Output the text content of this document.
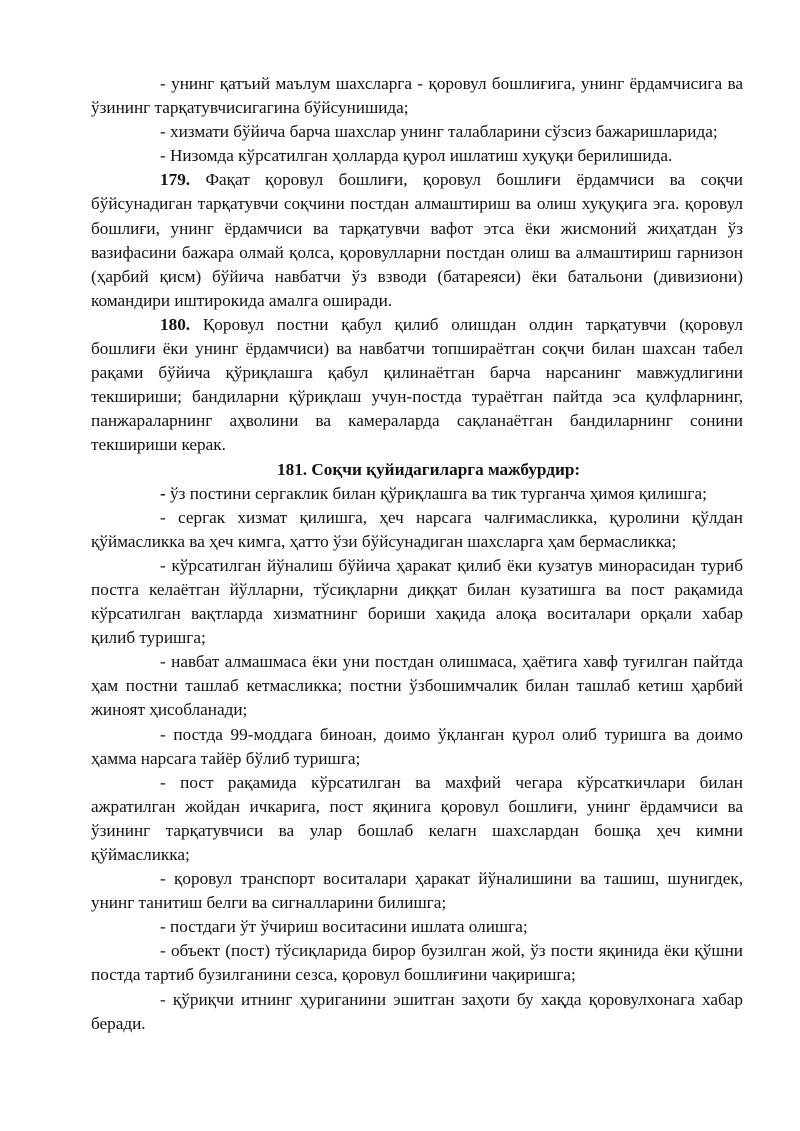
- унинг қатъий маълум шахсларга - қоровул бошлиғига, унинг ёрдамчисига ва ўзининг тарқатувчисигагина бўйсунишида;

- хизмати бўйича барча шахслар унинг талабларини сўзсиз бажаришларида;

- Низомда кўрсатилган ҳолларда қурол ишлатиш хуқуқи берилишида.

179. Фақат қоровул бошлиғи, қоровул бошлиғи ёрдамчиси ва соқчи бўйсунадиган тарқатувчи соқчини постдан алмаштириш ва олиш хуқуқига эга. қоровул бошлиғи, унинг ёрдамчиси ва тарқатувчи вафот этса ёки жисмоний жиҳатдан ўз вазифасини бажара олмай қолса, қоровулларни постдан олиш ва алмаштириш гарнизон (ҳарбий қисм) бўйича навбатчи ўз взводи (батареяси) ёки батальони (дивизиони) командири иштирокида амалга оширади.

180. Қоровул постни қабул қилиб олишдан олдин тарқатувчи (қоровул бошлиғи ёки унинг ёрдамчиси) ва навбатчи топшираётган соқчи билан шахсан табел рақами бўйича қўриқлашга қабул қилинаётган барча нарсанинг мавжудлигини текшириши; бандиларни қўриқлаш учун-постда тураётган пайтда эса қулфларнинг, панжараларнинг аҳволини ва камераларда сақланаётган бандиларнинг сонини текшириши керак.

181. Соқчи қуйидагиларга мажбурдир:

- ўз постини сергаклик билан қўриқлашга ва тик турганча ҳимоя қилишга;

- сергак хизмат қилишга, ҳеч нарсага чалғимасликка, қуролини қўлдан қўймасликка ва ҳеч кимга, ҳатто ўзи бўйсунадиган шахсларга ҳам бермасликка;

- кўрсатилган йўналиш бўйича ҳаракат қилиб ёки кузатув минорасидан туриб постга келаётган йўлларни, тўсиқларни диққат билан кузатишга ва пост рақамида кўрсатилган вақтларда хизматнинг бориши хақида алоқа воситалари орқали хабар қилиб туришга;

- навбат алмашмаса ёки уни постдан олишмаса, ҳаётига хавф туғилган пайтда ҳам постни ташлаб кетмасликка; постни ўзбошимчалик билан ташлаб кетиш ҳарбий жиноят ҳисобланади;

- постда 99-моддага биноан, доимо ўқланган қурол олиб туришга ва доимо ҳамма нарсага тайёр бўлиб туришга;

- пост рақамида кўрсатилган ва махфий чегара кўрсаткичлари билан ажратилган жойдан ичкарига, пост яқинига қоровул бошлиғи, унинг ёрдамчиси ва ўзининг тарқатувчиси ва улар бошлаб келагн шахслардан бошқа ҳеч кимни қўймасликка;

- қоровул транспорт воситалари ҳаракат йўналишини ва ташиш, шунигдек, унинг танитиш белги ва сигналларини билишга;

- постдаги ўт ўчириш воситасини ишлата олишга;

- объект (пост) тўсиқларида бирор бузилган жой, ўз пости яқинида ёки қўшни постда тартиб бузилганини сезса, қоровул бошлиғини чақиришга;

- қўриқчи итнинг ҳуриганини эшитган заҳоти бу хақда қоровулхонага хабар беради.
